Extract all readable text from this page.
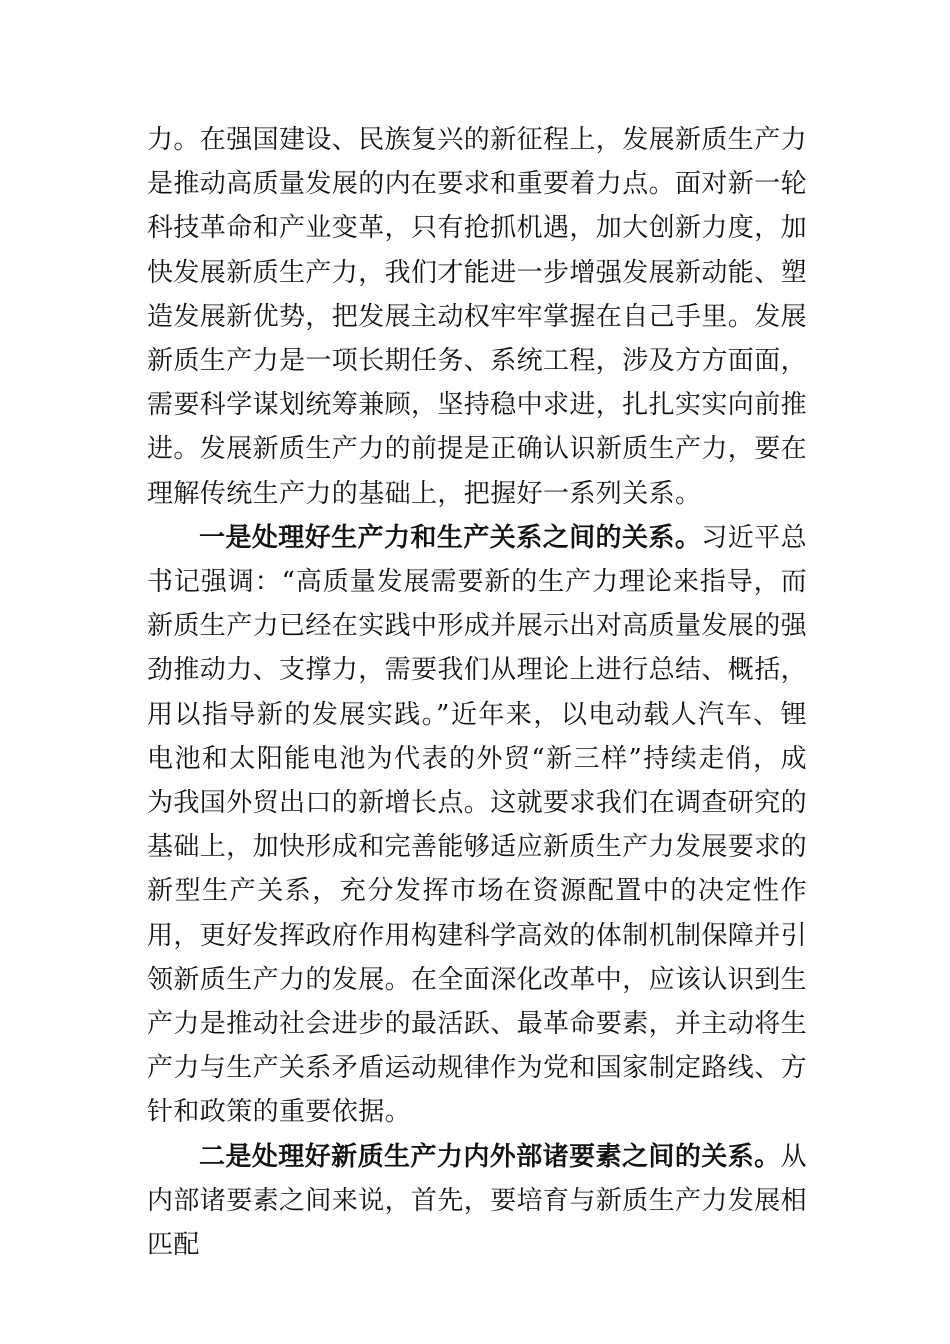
力。在强国建设、民族复兴的新征程上，发展新质生产力是推动高质量发展的内在要求和重要着力点。面对新一轮科技革命和产业变革，只有抢抓机遇，加大创新力度，加快发展新质生产力，我们才能进一步增强发展新动能、塑造发展新优势，把发展主动权牢牢掌握在自己手里。发展新质生产力是一项长期任务、系统工程，涉及方方面面，需要科学谋划统筹兼顾，坚持稳中求进，扎扎实实向前推进。发展新质生产力的前提是正确认识新质生产力，要在理解传统生产力的基础上，把握好一系列关系。

一是处理好生产力和生产关系之间的关系。习近平总书记强调：“高质量发展需要新的生产力理论来指导，而新质生产力已经在实践中形成并展示出对高质量发展的强劲推动力、支撑力，需要我们从理论上进行总结、概括，用以指导新的发展实践。”近年来，以电动载人汽车、锂电池和太阳能电池为代表的外贸“新三样”持续走俏，成为我国外贸出口的新增长点。这就要求我们在调查研究的基础上，加快形成和完善能够适应新质生产力发展要求的新型生产关系，充分发挥市场在资源配置中的决定性作用，更好发挥政府作用构建科学高效的体制机制保障并引领新质生产力的发展。在全面深化改革中，应该认识到生产力是推动社会进步的最活跃、最革命要素，并主动将生产力与生产关系矛盾运动规律作为党和国家制定路线、方针和政策的重要依据。

二是处理好新质生产力内外部诸要素之间的关系。从内部诸要素之间来说，首先，要培育与新质生产力发展相匹配
